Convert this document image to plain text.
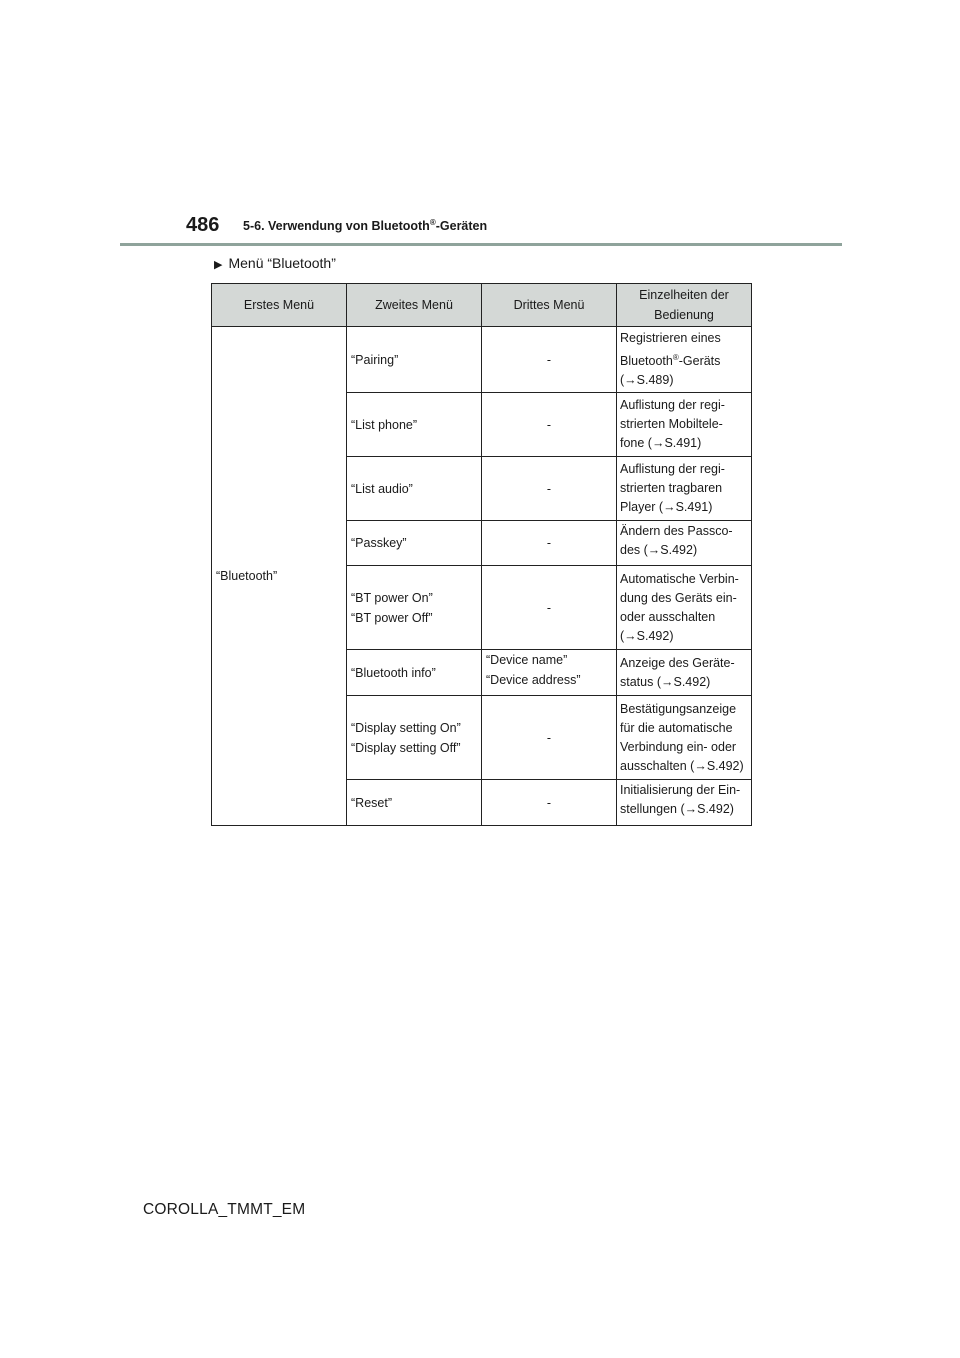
486 5-6. Verwendung von Bluetooth®-Geräten
▶ Menü “Bluetooth”
Erstes Menü	Zweites Menü	Drittes Menü	Einzelheiten der Bedienung
“Bluetooth”	“Pairing”	-	Registrieren eines
Bluetooth®-Geräts
(→S.489)

	“List phone”	-	Auflistung der regi-
strierten Mobiltele-
fone (→S.491)

	“List audio”	-	Auflistung der regi-
strierten tragbaren
Player (→S.491)

	“Passkey”	-	Ändern des Passco-
des (→S.492)

	“BT power On”
“BT power Off”	-	Automatische Verbin-
dung des Geräts ein-
oder ausschalten
(→S.492)

	“Bluetooth info”	“Device name”
“Device address”	Anzeige des Geräte-
status (→S.492)

	“Display setting On”
“Display setting Off”	-	Bestätigungsanzeige
für die automatische
Verbindung ein- oder
ausschalten (→S.492)

	“Reset”	-	Initialisierung der Ein-
stellungen (→S.492)
COROLLA_TMMT_EM
